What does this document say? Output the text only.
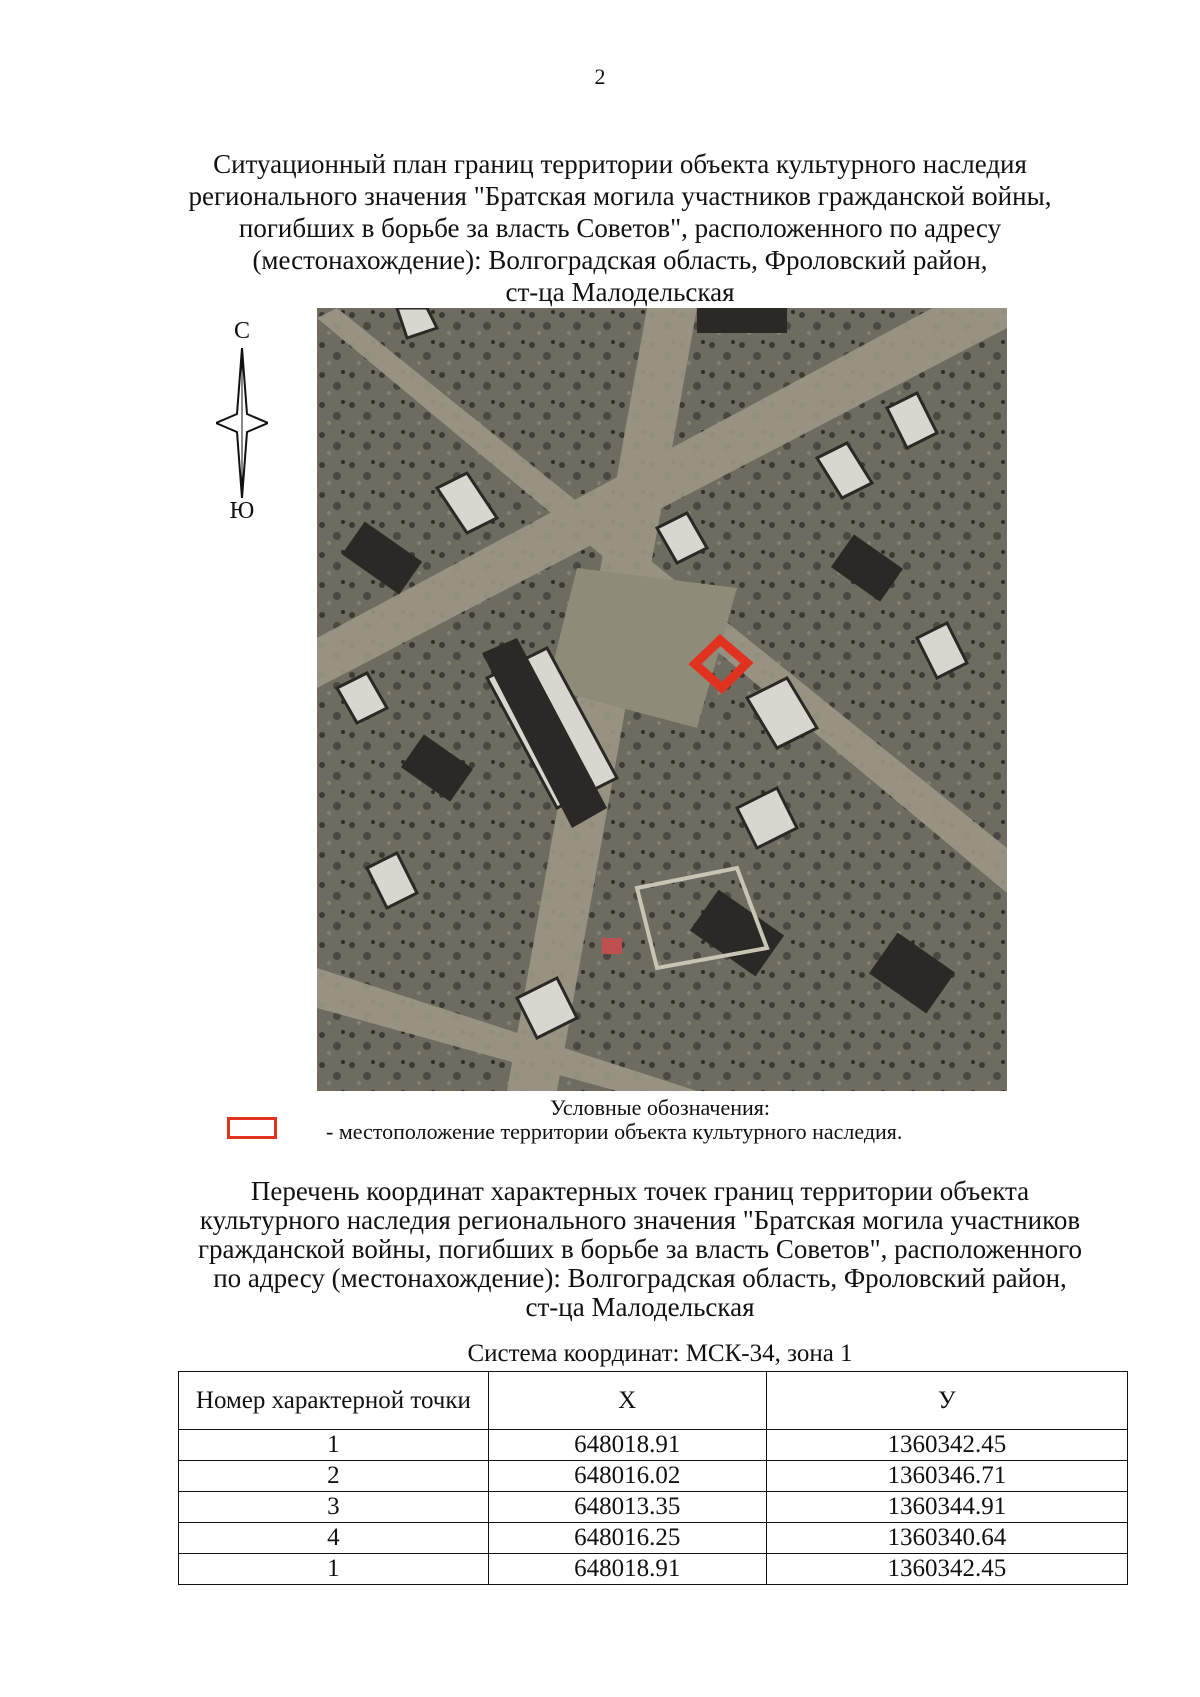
2
Ситуационный план границ территории объекта культурного наследия
регионального значения "Братская могила участников гражданской войны,
погибших в борьбе за власть Советов", расположенного по адресу
(местонахождение): Волгоградская область, Фроловский район,
ст-ца Малодельская
С
Ю
Условные обозначения:
- местоположение территории объекта культурного наследия.
Перечень координат характерных точек границ территории объекта
культурного наследия регионального значения "Братская могила участников
гражданской войны, погибших в борьбе за власть Советов", расположенного
по адресу (местонахождение): Волгоградская область, Фроловский район,
ст-ца Малодельская
Система координат: МСК-34, зона 1
Номер характерной точки	X	У
1	648018.91	1360342.45
2	648016.02	1360346.71
3	648013.35	1360344.91
4	648016.25	1360340.64
1	648018.91	1360342.45
